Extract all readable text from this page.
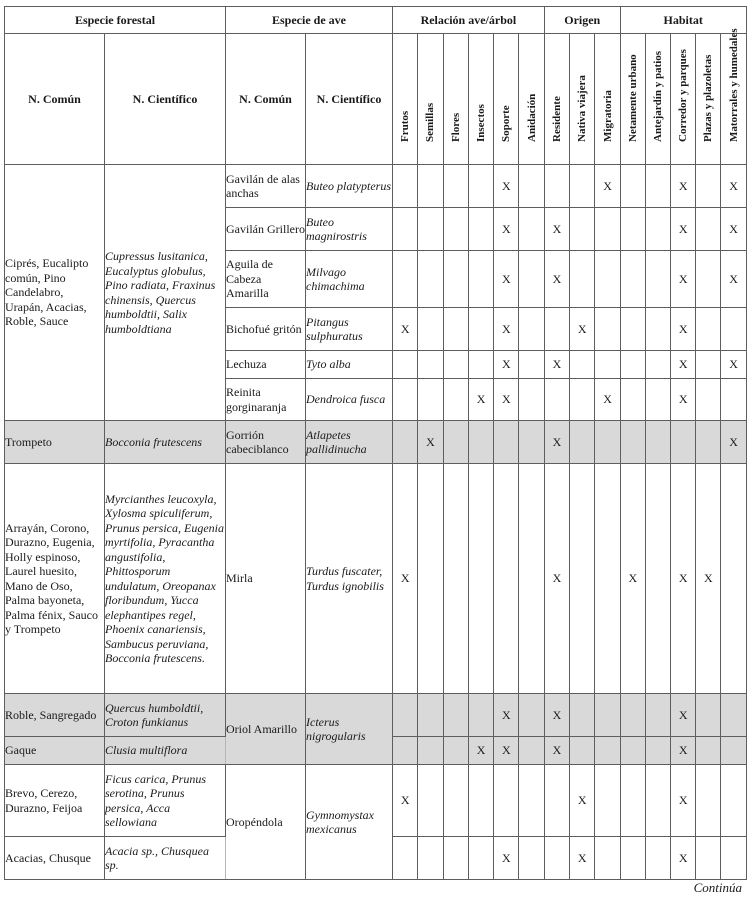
Especie forestal		Especie de ave		Relación ave/árbol						Origen			Habitat				
N. Común	N. Científico	N. Común	N. Científico	Frutos	Semillas	Flores	Insectos	Soporte	Anidación	Residente	Nativa viajera	Migratoria	Netamente urbano	Antejardín y patios	Corredor y parques	Plazas y plazoletas	Matorrales y humedales

Ciprés, Eucalipto común, Pino Candelabro, Urapán, Acacias, Roble, Sauce	Cupressus lusitanica, Eucalyptus globulus, Pino radiata, Fraxinus chinensis, Quercus humboldtii, Salix humboldtiana	Gavilán de alas anchas	Buteo platypterus					X				X			X		X
		Gavilán Grillero	Buteo magnirostris					X		X					X		X
		Aguila de Cabeza Amarilla	Milvago chimachima					X		X					X		X
		Bichofué gritón	Pitangus sulphuratus	X				X			X				X		
		Lechuza	Tyto alba					X		X					X		X
		Reinita gorginaranja	Dendroica fusca				X	X				X			X		
Trompeto	Bocconia frutescens	Gorrión cabeciblanco	Atlapetes pallidinucha		X					X							X
Arrayán, Corono, Durazno, Eugenia, Holly espinoso, Laurel huesito, Mano de Oso, Palma bayoneta, Palma fénix, Sauco y Trompeto	Myrcianthes leucoxyla, Xylosma spiculiferum, Prunus persica, Eugenia myrtifolia, Pyracantha angustifolia, Phittosporum undulatum, Oreopanax floribundum, Yucca elephantipes regel, Phoenix canariensis, Sambucus peruviana, Bocconia frutescens.	Mirla	Turdus fuscater, Turdus ignobilis	X						X			X		X	X	
Roble, Sangregado	Quercus humboldtii, Croton funkianus	Oriol Amarillo	Icterus nigrogularis					X		X					X		
Gaque	Clusia multiflora						X	X		X					X		
Brevo, Cerezo, Durazno, Feijoa	Ficus carica, Prunus serotina, Prunus persica, Acca sellowiana	Oropéndola	Gymnomystax mexicanus	X							X				X		
Acacias, Chusque	Acacia sp., Chusquea sp.							X			X				X		
Continúa
